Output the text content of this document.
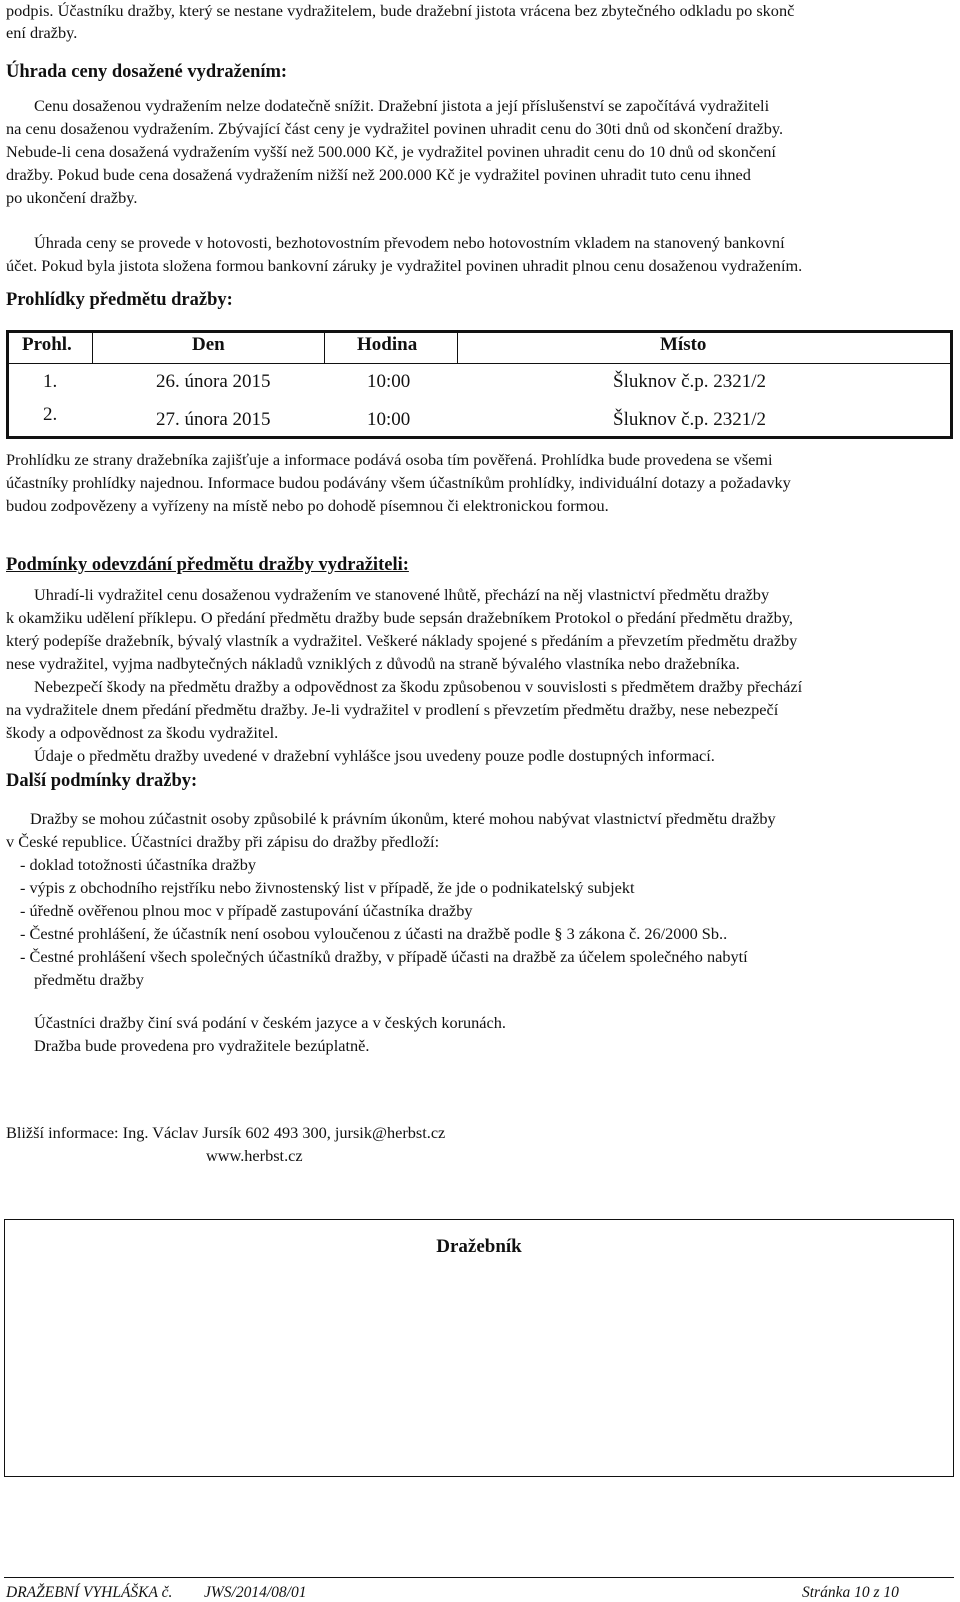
podpis. Účastníku dražby, který se nestane vydražitelem, bude dražební jistota vrácena bez zbytečného odkladu po skonč
ení dražby.
Úhrada ceny dosažené vydražením:
Cenu dosaženou vydražením nelze dodatečně snížit. Dražební jistota a její příslušenství se započítává vydražiteli
na cenu dosaženou vydražením. Zbývající část ceny je vydražitel povinen uhradit cenu do 30ti dnů od skončení dražby.
Nebude-li cena dosažená vydražením vyšší než 500.000 Kč, je vydražitel povinen uhradit cenu do 10 dnů od skončení
dražby. Pokud bude cena dosažená vydražením nižší než 200.000 Kč je vydražitel povinen uhradit tuto cenu ihned
po ukončení dražby.
Úhrada ceny se provede v hotovosti, bezhotovostním převodem nebo hotovostním vkladem na stanovený bankovní
účet. Pokud byla jistota složena formou bankovní záruky je vydražitel povinen uhradit plnou cenu dosaženou vydražením.
Prohlídky předmětu dražby:
Prohl.	Den	Hodina	Místo
1.	26. února 2015	10:00	Šluknov č.p. 2321/2
2.	27. února 2015	10:00	Šluknov č.p. 2321/2
Prohlídku ze strany dražebníka zajišťuje a informace podává osoba tím pověřená. Prohlídka bude provedena se všemi
účastníky prohlídky najednou. Informace budou podávány všem účastníkům prohlídky, individuální dotazy a požadavky
budou zodpovězeny a vyřízeny na místě nebo po dohodě písemnou či elektronickou formou.
Podmínky odevzdání předmětu dražby vydražiteli:
Uhradí-li vydražitel cenu dosaženou vydražením ve stanovené lhůtě, přechází na něj vlastnictví předmětu dražby
k okamžiku udělení příklepu. O předání předmětu dražby bude sepsán dražebníkem Protokol o předání předmětu dražby,
který podepíše dražebník, bývalý vlastník a vydražitel. Veškeré náklady spojené s předáním a převzetím předmětu dražby
nese vydražitel, vyjma nadbytečných nákladů vzniklých z důvodů na straně bývalého vlastníka nebo dražebníka.
Nebezpečí škody na předmětu dražby a odpovědnost za škodu způsobenou v souvislosti s předmětem dražby přechází
na vydražitele dnem předání předmětu dražby. Je-li vydražitel v prodlení s převzetím předmětu dražby, nese nebezpečí
škody a odpovědnost za škodu vydražitel.
Údaje o předmětu dražby uvedené v dražební vyhlášce jsou uvedeny pouze podle dostupných informací.
Další podmínky dražby:
Dražby se mohou zúčastnit osoby způsobilé k právním úkonům, které mohou nabývat vlastnictví předmětu dražby
v České republice. Účastníci dražby při zápisu do dražby předloží:
- doklad totožnosti účastníka dražby
- výpis z obchodního rejstříku nebo živnostenský list v případě, že jde o podnikatelský subjekt
- úředně ověřenou plnou moc v případě zastupování účastníka dražby
- Čestné prohlášení, že účastník není osobou vyloučenou z účasti na dražbě podle § 3 zákona č. 26/2000 Sb..
- Čestné prohlášení všech společných účastníků dražby, v případě účasti na dražbě za účelem společného nabytí
předmětu dražby
Účastníci dražby činí svá podání v českém jazyce a v českých korunách.
Dražba bude provedena pro vydražitele bezúplatně.
Bližší informace: Ing. Václav Jursík 602 493 300, jursik@herbst.cz
www.herbst.cz
Dražebník
DRAŽEBNÍ VYHLÁŠKA č. JWS/2014/08/01	Stránka 10 z 10
